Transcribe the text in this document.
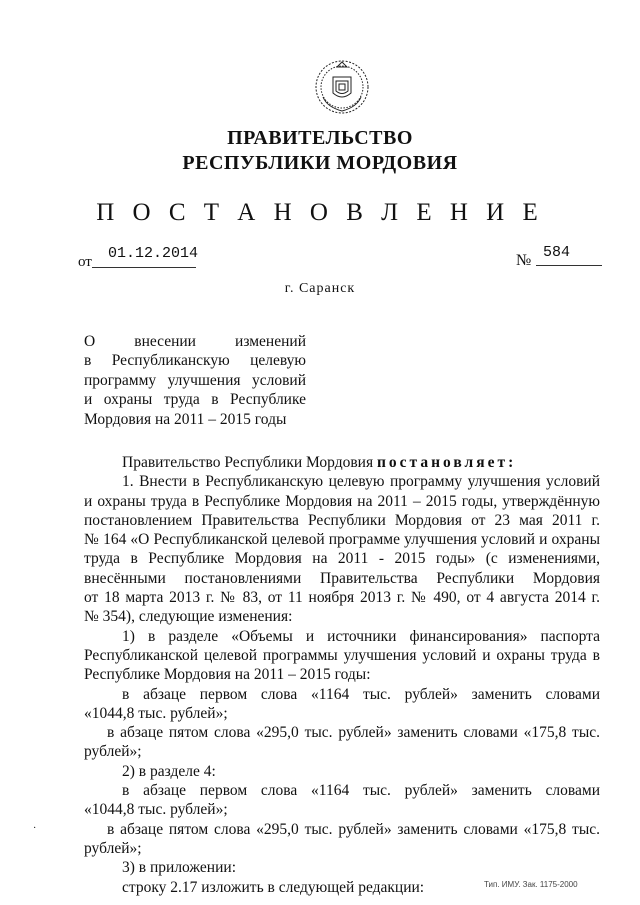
ПРАВИТЕЛЬСТВО
РЕСПУБЛИКИ МОРДОВИЯ
П О С Т А Н О В Л Е Н И Е
от 01.12.2014	№ 584
г. Саранск
О внесении изменений
в Республиканскую целевую
программу улучшения условий
и охраны труда в Республике
Мордовия на 2011 – 2015 годы
Правительство Республики Мордовия постановляет:
1. Внести в Республиканскую целевую программу улучшения условий
и охраны труда в Республике Мордовия на 2011 – 2015 годы, утверждённую
постановлением Правительства Республики Мордовия от 23 мая 2011 г.
№ 164 «О Республиканской целевой программе улучшения условий и охраны
труда в Республике Мордовия на 2011 - 2015 годы» (с изменениями,
внесёнными постановлениями Правительства Республики Мордовия
от 18 марта 2013 г. № 83, от 11 ноября 2013 г. № 490, от 4 августа 2014 г.
№ 354), следующие изменения:
1) в разделе «Объемы и источники финансирования» паспорта
Республиканской целевой программы улучшения условий и охраны труда в
Республике Мордовия на 2011 – 2015 годы:
в абзаце первом слова «1164 тыс. рублей» заменить словами
«1044,8 тыс. рублей»;
в абзаце пятом слова «295,0 тыс. рублей» заменить словами «175,8 тыс.
рублей»;
2) в разделе 4:
в абзаце первом слова «1164 тыс. рублей» заменить словами
«1044,8 тыс. рублей»;
в абзаце пятом слова «295,0 тыс. рублей» заменить словами «175,8 тыс.
рублей»;
3) в приложении:
строку 2.17 изложить в следующей редакции:
·
Тип. ИМУ. Зак. 1175-2000
